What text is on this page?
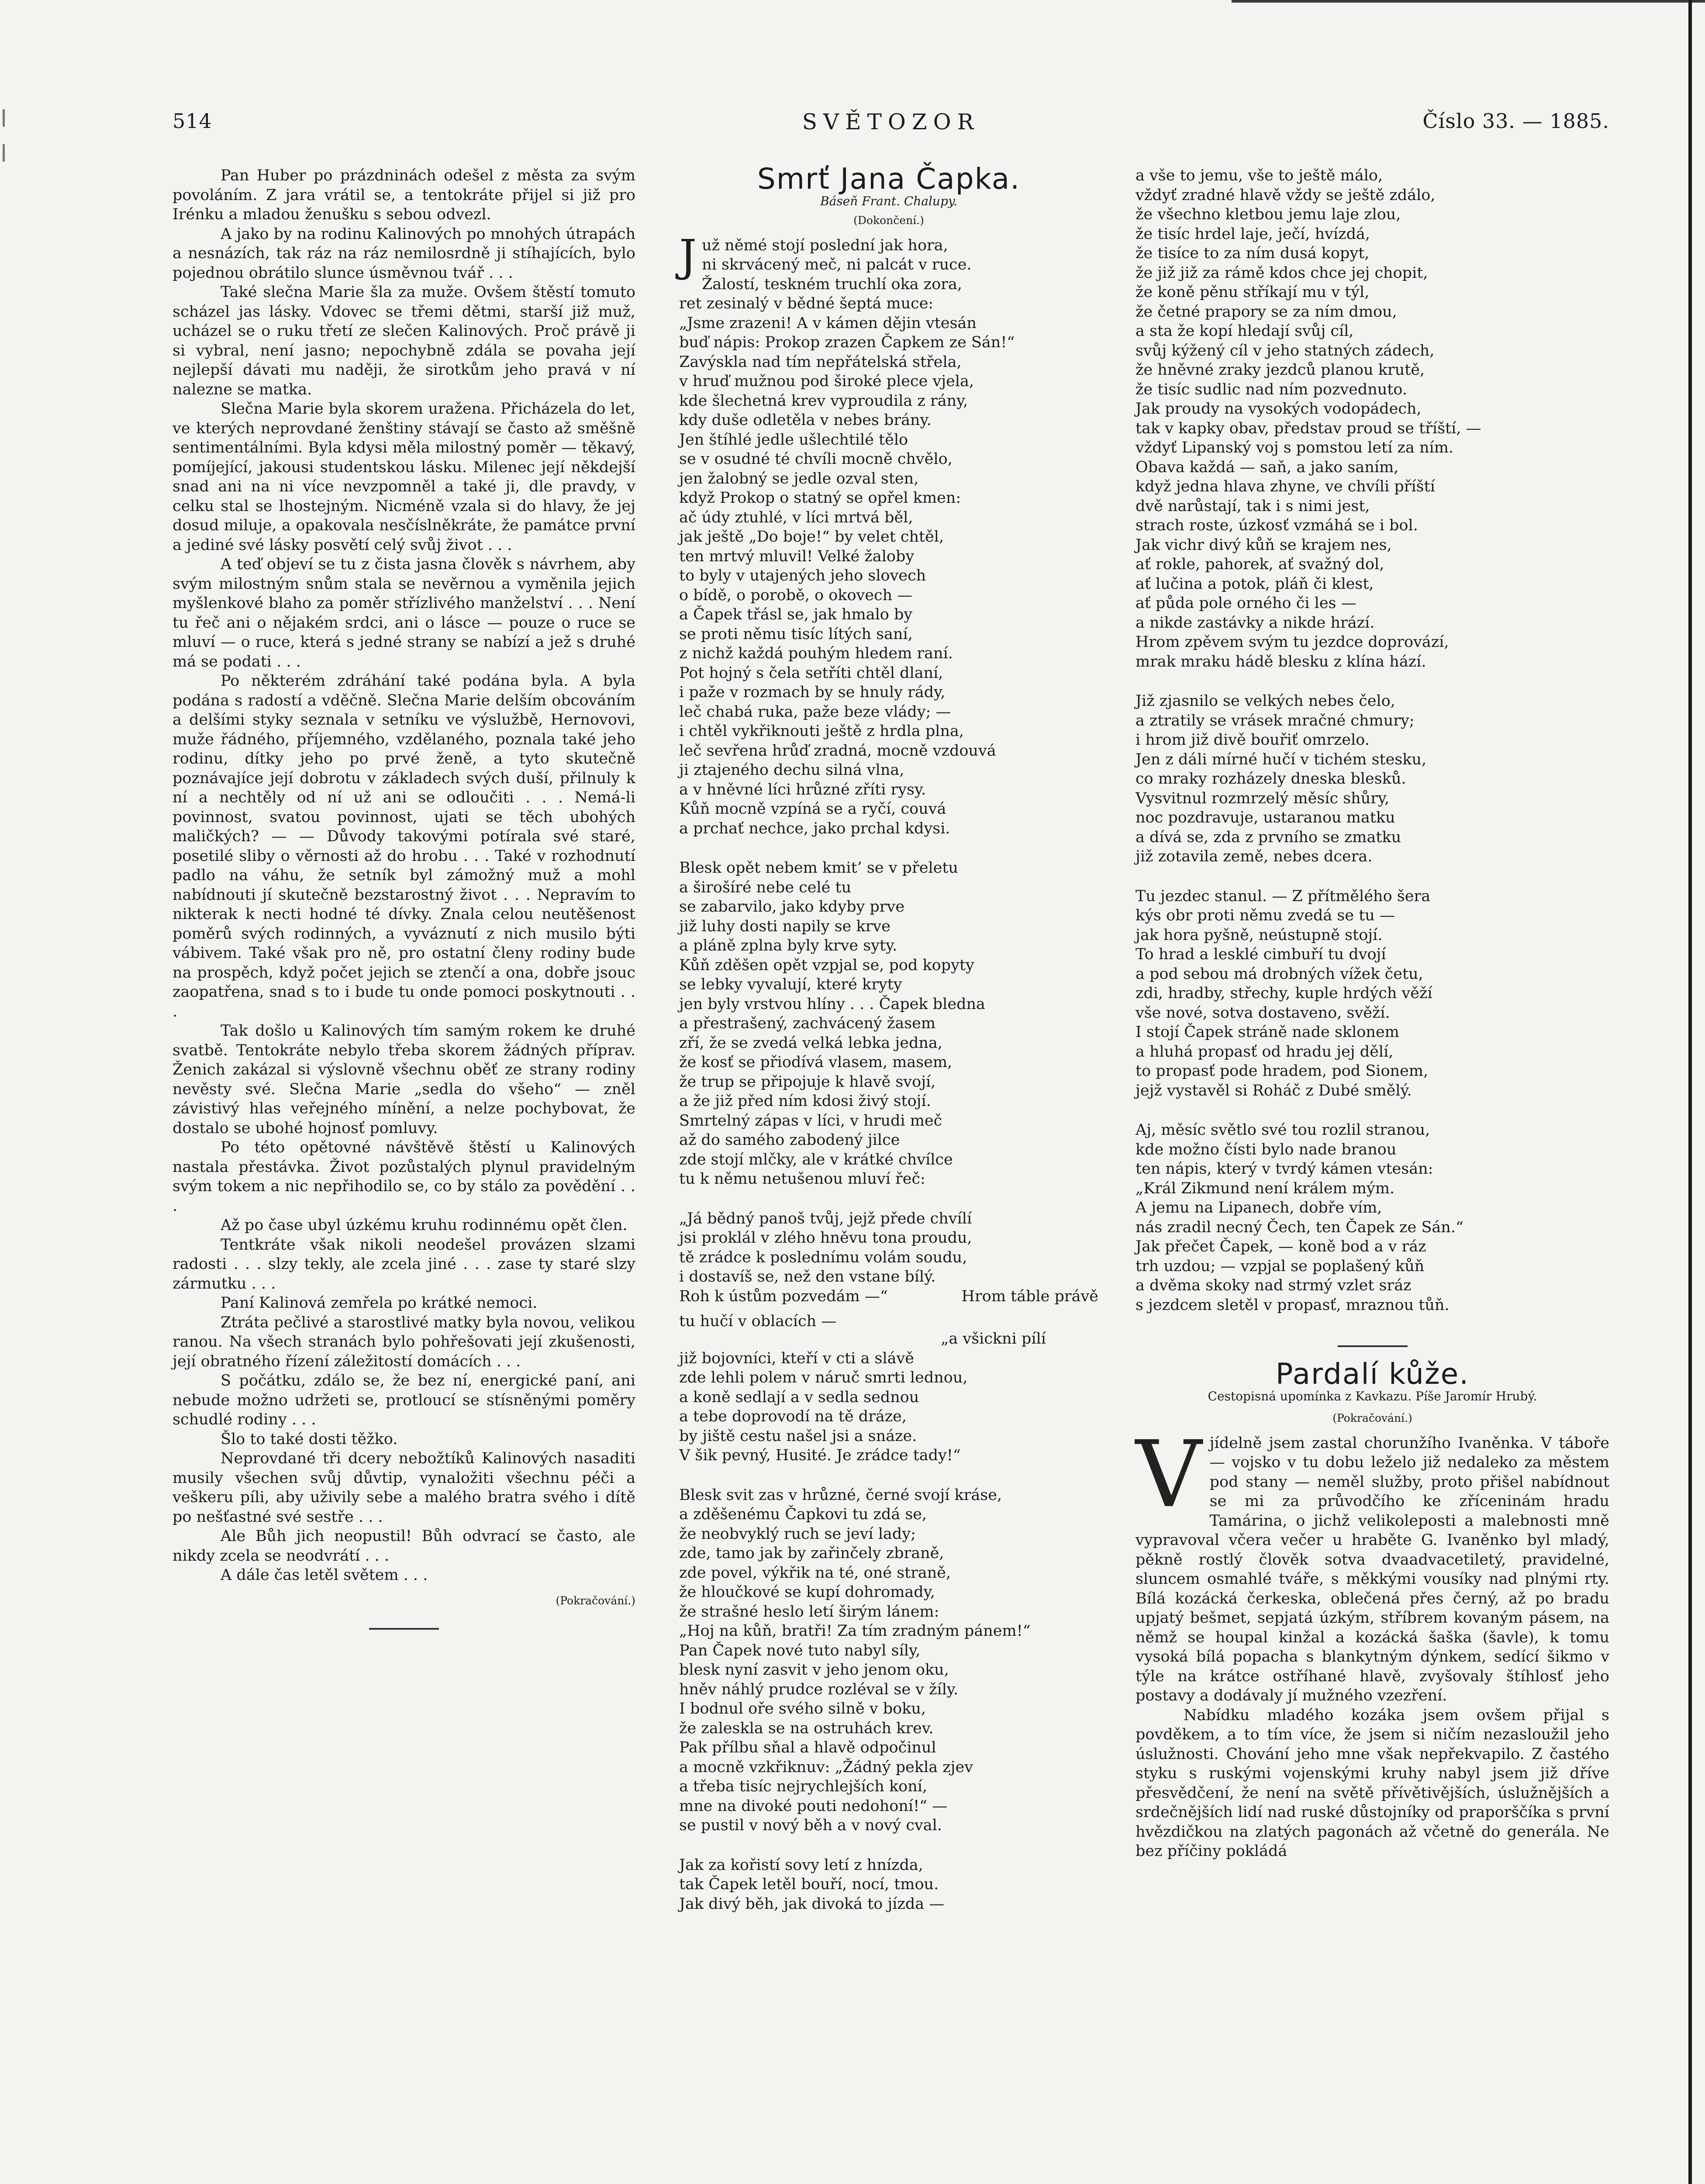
514	SVĚTOZOR	Číslo 33. — 1885.

Pan Huber po prázdninách odešel z města za svým povoláním. Z jara vrátil se, a tentokráte přijel si již pro Irénku a mladou ženušku s sebou odvezl.

A jako by na rodinu Kalinových po mnohých útrapách a nesnázích, tak ráz na ráz nemilosrdně ji stíhajících, bylo pojednou obrátilo slunce úsměvnou tvář . . .

Také slečna Marie šla za muže. Ovšem štěstí tomuto scházel jas lásky. Vdovec se třemi dětmi, starší již muž, ucházel se o ruku třetí ze slečen Kalinových. Proč právě ji si vybral, není jasno; nepochybně zdála se povaha její nejlepší dávati mu naději, že sirotkům jeho pravá v ní nalezne se matka.

Slečna Marie byla skorem uražena. Přicházela do let, ve kterých neprovdané ženštiny stávají se často až směšně sentimentálními. Byla kdysi měla milostný poměr — těkavý, pomíjející, jakousi studentskou lásku. Milenec její někdejší snad ani na ni více nevzpomněl a také ji, dle pravdy, v celku stal se lhostejným. Nicméně vzala si do hlavy, že jej dosud miluje, a opakovala nesčíslněkráte, že památce první a jediné své lásky posvětí celý svůj život . . .

A teď objeví se tu z čista jasna člověk s návrhem, aby svým milostným snům stala se nevěrnou a vyměnila jejich myšlenkové blaho za poměr střízlivého manželství . . . Není tu řeč ani o nějakém srdci, ani o lásce — pouze o ruce se mluví — o ruce, která s jedné strany se nabízí a jež s druhé má se podati . . .

Po některém zdráhání také podána byla. A byla podána s radostí a vděčně. Slečna Marie delším obcováním a delšími styky seznala v setníku ve výslužbě, Hernovovi, muže řádného, příjemného, vzdělaného, poznala také jeho rodinu, dítky jeho po prvé ženě, a tyto skutečně poznávajíce její dobrotu v základech svých duší, přilnuly k ní a nechtěly od ní už ani se odloučiti . . . Nemá-li povinnost, svatou povinnost, ujati se těch ubohých maličkých? — — Důvody takovými potírala své staré, posetilé sliby o věrnosti až do hrobu . . . Také v rozhodnutí padlo na váhu, že setník byl zámožný muž a mohl nabídnouti jí skutečně bezstarostný život . . . Nepravím to nikterak k necti hodné té dívky. Znala celou neutěšenost poměrů svých rodinných, a vyváznutí z nich musilo býti vábivem. Také však pro ně, pro ostatní členy rodiny bude na prospěch, když počet jejich se ztenčí a ona, dobře jsouc zaopatřena, snad s to i bude tu onde pomoci poskytnouti . . .

Tak došlo u Kalinových tím samým rokem ke druhé svatbě. Tentokráte nebylo třeba skorem žádných příprav. Ženich zakázal si výslovně všechnu oběť ze strany rodiny nevěsty své. Slečna Marie „sedla do všeho“ — zněl závistivý hlas veřejného mínění, a nelze pochybovat, že dostalo se ubohé hojnosť pomluvy.

Po této opětovné návštěvě štěstí u Kalinových nastala přestávka. Život pozůstalých plynul pravidelným svým tokem a nic nepřihodilo se, co by stálo za povědění . . .

Až po čase ubyl úzkému kruhu rodinnému opět člen.

Tentkráte však nikoli neodešel provázen slzami radosti . . . slzy tekly, ale zcela jiné . . . zase ty staré slzy zármutku . . .

Paní Kalinová zemřela po krátké nemoci.

Ztráta pečlivé a starostlivé matky byla novou, velikou ranou. Na všech stranách bylo pohřešovati její zkušenosti, její obratného řízení záležitostí domácích . . .

S počátku, zdálo se, že bez ní, energické paní, ani nebude možno udržeti se, protloucí se stísněnými poměry schudlé rodiny . . .

Šlo to také dosti těžko.

Neprovdané tři dcery nebožtíků Kalinových nasaditi musily všechen svůj důvtip, vynaložiti všechnu péči a veškeru píli, aby uživily sebe a malého bratra svého i dítě po nešťastné své sestře . . .

Ale Bůh jich neopustil! Bůh odvrací se často, ale nikdy zcela se neodvrátí . . .

A dále čas letěl světem . . .

(Pokračování.)
Smrť Jana Čapka.
Báseň Frant. Chalupy.
(Dokončení.)
J už němé stojí poslední jak hora,
ni skrvácený meč, ni palcát v ruce.
Žalostí, teskném truchlí oka zora,
ret zesinalý v bědné šeptá muce:
„Jsme zrazeni! A v kámen dějin vtesán
buď nápis: Prokop zrazen Čapkem ze Sán!“
Zavýskla nad tím nepřátelská střela,
v hruď mužnou pod široké plece vjela,
kde šlechetná krev vyproudila z rány,
kdy duše odletěla v nebes brány.
Jen štíhlé jedle ušlechtilé tělo
se v osudné té chvíli mocně chvělo,
jen žalobný se jedle ozval sten,
když Prokop o statný se opřel kmen:
ač údy ztuhlé, v líci mrtvá běl,
jak ještě „Do boje!“ by velet chtěl,
ten mrtvý mluvil! Velké žaloby
to byly v utajených jeho slovech
o bídě, o porobě, o okovech —
a Čapek třásl se, jak hmalo by
se proti němu tisíc lítých saní,
z nichž každá pouhým hledem raní.
Pot hojný s čela setříti chtěl dlaní,
i paže v rozmach by se hnuly rády,
leč chabá ruka, paže beze vlády; —
i chtěl vykřiknouti ještě z hrdla plna,
leč sevřena hrůď zradná, mocně vzdouvá
ji ztajeného dechu silná vlna,
a v hněvné líci hrůzné zříti rysy.
Kůň mocně vzpíná se a ryčí, couvá
a prchať nechce, jako prchal kdysi.
Blesk opět nebem kmit’ se v přeletu
a širošíré nebe celé tu
se zabarvilo, jako kdyby prve
již luhy dosti napily se krve
a pláně zplna byly krve syty.
Kůň zděšen opět vzpjal se, pod kopyty
se lebky vyvalují, které kryty
jen byly vrstvou hlíny . . . Čapek bledna
a přestrašený, zachvácený žasem
zří, že se zvedá velká lebka jedna,
že kosť se přiodívá vlasem, masem,
že trup se připojuje k hlavě svojí,
a že již před ním kdosi živý stojí.
Smrtelný zápas v líci, v hrudi meč
až do samého zabodený jilce
zde stojí mlčky, ale v krátké chvílce
tu k němu netušenou mluví řeč:
„Já bědný panoš tvůj, jejž přede chvílí
jsi proklál v zlého hněvu tona proudu,
tě zrádce k poslednímu volám soudu,
i dostavíš se, než den vstane bílý.
Roh k ústům pozvedám —“	Hrom táble právě
tu hučí v oblacích —
„a všickni pílí
již bojovníci, kteří v cti a slávě
zde lehli polem v náruč smrti lednou,
a koně sedlají a v sedla sednou
a tebe doprovodí na tě dráze,
by jiště cestu našel jsi a snáze.
V šik pevný, Husité. Je zrádce tady!“
Blesk svit zas v hrůzné, černé svojí kráse,
a zděšenému Čapkovi tu zdá se,
že neobvyklý ruch se jeví lady;
zde, tamo jak by zařinčely zbraně,
zde povel, výkřik na té, oné straně,
že hloučkové se kupí dohromady,
že strašné heslo letí širým lánem:
„Hoj na kůň, bratři! Za tím zradným pánem!“
Pan Čapek nové tuto nabyl síly,
blesk nyní zasvit v jeho jenom oku,
hněv náhlý prudce rozléval se v žíly.
I bodnul oře svého silně v boku,
že zaleskla se na ostruhách krev.
Pak přílbu sňal a hlavě odpočinul
a mocně vzkřiknuv: „Žádný pekla zjev
a třeba tisíc nejrychlejších koní,
mne na divoké pouti nedohoní!“ —
se pustil v nový běh a v nový cval.
Jak za kořistí sovy letí z hnízda,
tak Čapek letěl bouří, nocí, tmou.
Jak divý běh, jak divoká to jízda —
a vše to jemu, vše to ještě málo,
vždyť zradné hlavě vždy se ještě zdálo,
že všechno kletbou jemu laje zlou,
že tisíc hrdel laje, ječí, hvízdá,
že tisíce to za ním dusá kopyt,
že již již za rámě kdos chce jej chopit,
že koně pěnu stříkají mu v týl,
že četné prapory se za ním dmou,
a sta že kopí hledají svůj cíl,
svůj kýžený cíl v jeho statných zádech,
že hněvné zraky jezdců planou krutě,
že tisíc sudlic nad ním pozvednuto.
Jak proudy na vysokých vodopádech,
tak v kapky obav, představ proud se tříští, —
vždyť Lipanský voj s pomstou letí za ním.
Obava každá — saň, a jako saním,
když jedna hlava zhyne, ve chvíli příští
dvě narůstají, tak i s nimi jest,
strach roste, úzkosť vzmáhá se i bol.
Jak vichr divý kůň se krajem nes,
ať rokle, pahorek, ať svažný dol,
ať lučina a potok, pláň či klest,
ať půda pole orného či les —
a nikde zastávky a nikde hrází.
Hrom zpěvem svým tu jezdce doprovází,
mrak mraku hádě blesku z klína hází.
Již zjasnilo se velkých nebes čelo,
a ztratily se vrásek mračné chmury;
i hrom již divě bouřiť omrzelo.
Jen z dáli mírné hučí v tichém stesku,
co mraky rozházely dneska blesků.
Vysvitnul rozmrzelý měsíc shůry,
noc pozdravuje, ustaranou matku
a dívá se, zda z prvního se zmatku
již zotavila země, nebes dcera.
Tu jezdec stanul. — Z přítmělého šera
kýs obr proti němu zvedá se tu —
jak hora pyšně, neústupně stojí.
To hrad a lesklé cimbuří tu dvojí
a pod sebou má drobných vížek četu,
zdi, hradby, střechy, kuple hrdých věží
vše nové, sotva dostaveno, svěží.
I stojí Čapek stráně nade sklonem
a hluhá propasť od hradu jej dělí,
to propasť pode hradem, pod Sionem,
jejž vystavěl si Roháč z Dubé smělý.
Aj, měsíc světlo své tou rozlil stranou,
kde možno čísti bylo nade branou
ten nápis, který v tvrdý kámen vtesán:
„Král Zikmund není králem mým.
A jemu na Lipanech, dobře vím,
nás zradil necný Čech, ten Čapek ze Sán.“
Jak přečet Čapek, — koně bod a v ráz
trh uzdou; — vzpjal se poplašený kůň
a dvěma skoky nad strmý vzlet sráz
s jezdcem sletěl v propasť, mraznou tůň.
Pardalí kůže.
Cestopisná upomínka z Kavkazu. Píše Jaromír Hrubý.
(Pokračování.)
V jídelně jsem zastal chorunžího Ivaněnka. V táboře — vojsko v tu dobu leželo již nedaleko za městem pod stany — neměl služby, proto přišel nabídnout se mi za průvodčího ke zříceninám hradu Tamárina, o jichž velikoleposti a malebnosti mně vypravoval včera večer u hraběte G. Ivaněnko byl mladý, pěkně rostlý člověk sotva dvaadvacetiletý, pravidelné, sluncem osmahlé tváře, s měkkými vousíky nad plnými rty. Bílá kozácká čerkeska, oblečená přes černý, až po bradu upjatý bešmet, sepjatá úzkým, stříbrem kovaným pásem, na němž se houpal kinžal a kozácká šaška (šavle), k tomu vysoká bílá popacha s blankytným dýnkem, sedící šikmo v týle na krátce ostříhané hlavě, zvyšovaly štíhlosť jeho postavy a dodávaly jí mužného vzezření.

Nabídku mladého kozáka jsem ovšem přijal s povděkem, a to tím více, že jsem si ničím nezasloužil jeho úslužnosti. Chování jeho mne však nepřekvapilo. Z častého styku s ruskými vojenskými kruhy nabyl jsem již dříve přesvědčení, že není na světě přívětivějších, úslužnějších a srdečnějších lidí nad ruské důstojníky od praporščíka s první hvězdičkou na zlatých pagonách až včetně do generála. Ne bez příčiny pokládá
